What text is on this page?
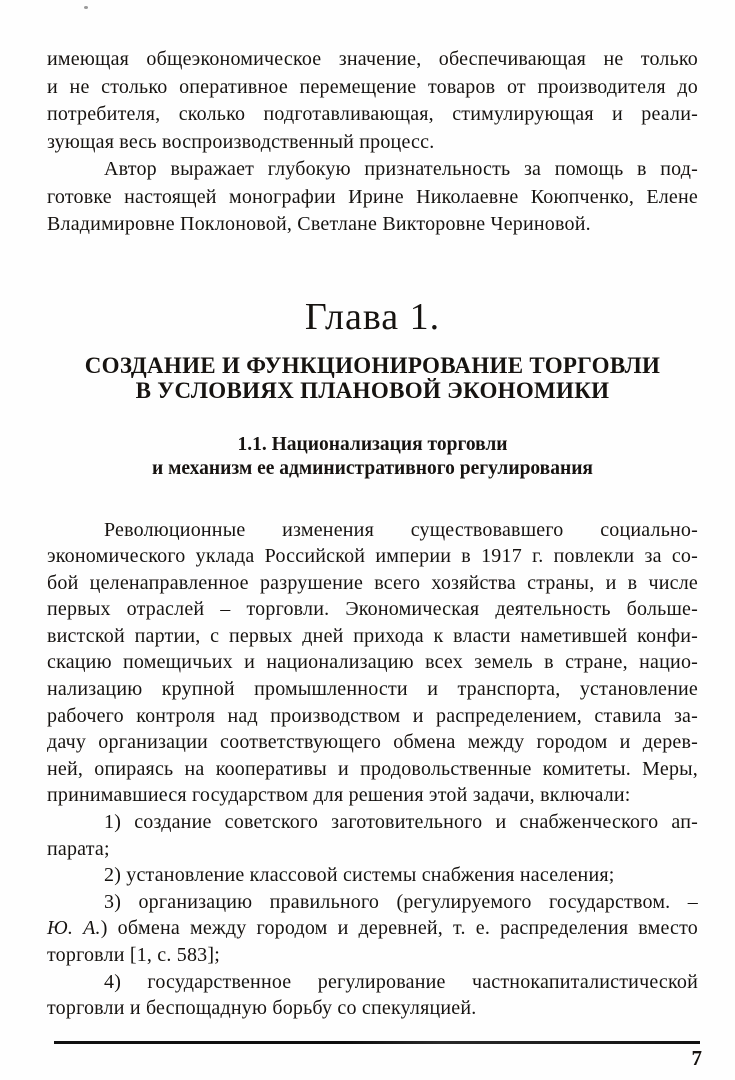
имеющая общеэкономическое значение, обеспечивающая не только
и не столько оперативное перемещение товаров от производителя до
потребителя, сколько подготавливающая, стимулирующая и реали-
зующая весь воспроизводственный процесс.
Автор выражает глубокую признательность за помощь в под-
готовке настоящей монографии Ирине Николаевне Коюпченко, Елене
Владимировне Поклоновой, Светлане Викторовне Чериновой.
Глава 1.
СОЗДАНИЕ И ФУНКЦИОНИРОВАНИЕ ТОРГОВЛИ
В УСЛОВИЯХ ПЛАНОВОЙ ЭКОНОМИКИ
1.1. Национализация торговли
и механизм ее административного регулирования
Революционные изменения существовавшего социально-
экономического уклада Российской империи в 1917 г. повлекли за со-
бой целенаправленное разрушение всего хозяйства страны, и в числе
первых отраслей – торговли. Экономическая деятельность больше-
вистской партии, с первых дней прихода к власти наметившей конфи-
скацию помещичьих и национализацию всех земель в стране, нацио-
нализацию крупной промышленности и транспорта, установление
рабочего контроля над производством и распределением, ставила за-
дачу организации соответствующего обмена между городом и дерев-
ней, опираясь на кооперативы и продовольственные комитеты. Меры,
принимавшиеся государством для решения этой задачи, включали:
1) создание советского заготовительного и снабженческого ап-
парата;
2) установление классовой системы снабжения населения;
3) организацию правильного (регулируемого государством. –
Ю. А.) обмена между городом и деревней, т. е. распределения вместо
торговли [1, с. 583];
4) государственное регулирование частнокапиталистической
торговли и беспощадную борьбу со спекуляцией.
7
